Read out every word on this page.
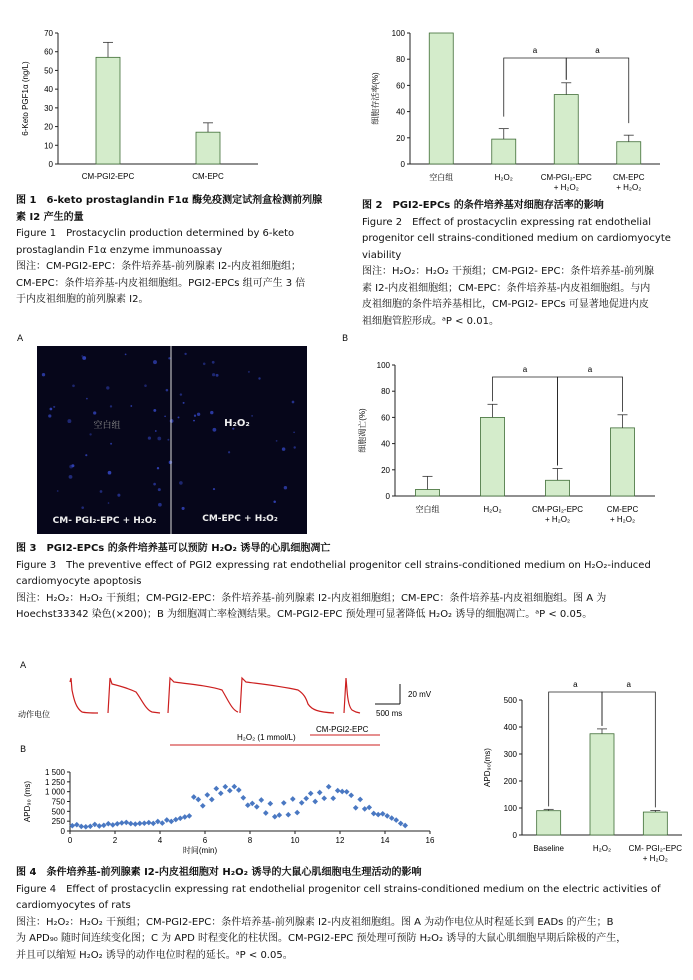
0
10
20
30
40
50
60
70
6-Keto PGF1α (ng/L)
CM-PGI2-EPC	CM-EPC
图 1　6-keto prostaglandin F1α 酶免疫测定试剂盒检测前列腺
素 I2 产生的量
Figure 1　Prostacyclin production determined by 6-keto
prostaglandin F1α enzyme immunoassay
图注：CM-PGI2-EPC：条件培养基-前列腺素 I2-内皮祖细胞组；
CM-EPC：条件培养基-内皮祖细胞组。PGI2-EPCs 组可产生 3 倍
于内皮祖细胞的前列腺素 I2。
0
20
40
60
80
100
细胞存活率(%)
空白组	H₂O₂	CM-PGI₂-EPC
+ H₂O₂
CM-EPC
+ H₂O₂
a	a
图 2　PGI2-EPCs 的条件培养基对细胞存活率的影响
Figure 2　Effect of prostacyclin expressing rat endothelial
progenitor cell strains-conditioned medium on cardiomyocyte
viability
图注：H₂O₂：H₂O₂ 干预组；CM-PGI2- EPC：条件培养基-前列腺
素 I2-内皮祖细胞组；CM-EPC：条件培养基-内皮祖细胞组。与内
皮祖细胞的条件培养基相比，CM-PGI2- EPCs 可显著地促进内皮
祖细胞管腔形成。ᵃP < 0.01。
A	B
空白组	H₂O₂
CM- PGI₂-EPC + H₂O₂	CM-EPC + H₂O₂
0
20
40
60
80
100
细胞凋亡(%)
空白组	H₂O₂	CM-PGI₂-EPC
+ H₂O₂
CM-EPC
+ H₂O₂
a	a
图 3　PGI2-EPCs 的条件培养基可以预防 H₂O₂ 诱导的心肌细胞凋亡
Figure 3　The preventive effect of PGI2 expressing rat endothelial progenitor cell strains-conditioned medium on H₂O₂-induced
cardiomyocyte apoptosis
图注：H₂O₂：H₂O₂ 干预组；CM-PGI2-EPC：条件培养基-前列腺素 I2-内皮祖细胞组；CM-EPC：条件培养基-内皮祖细胞组。图 A 为
Hoechst33342 染色(×200)；B 为细胞凋亡率检测结果。CM-PGI2-EPC 预处理可显著降低 H₂O₂ 诱导的细胞凋亡。ᵃP < 0.05。
A
B
动作电位
20 mV
500 ms
CM-PGI2-EPC
H₂O₂ (1 mmol/L)
0
250
500
750
1 000
1 250
1 500
0	2	4	6	8	10	12	14	16
APD₉₀ (ms)
时间(min)
0
100
200
300
400
500
APD₉₀(ms)
Baseline	H₂O₂ CM- PGI₂-EPC
+ H₂O₂
a	a
图 4　条件培养基-前列腺素 I2-内皮祖细胞对 H₂O₂ 诱导的大鼠心肌细胞电生理活动的影响
Figure 4　Effect of prostacyclin expressing rat endothelial progenitor cell strains-conditioned medium on the electric activities of
cardiomyocytes of rats
图注：H₂O₂：H₂O₂ 干预组；CM-PGI2-EPC：条件培养基-前列腺素 I2-内皮祖细胞组。图 A 为动作电位从时程延长到 EADs 的产生；B
为 APD₉₀ 随时间连续变化图；C 为 APD 时程变化的柱状图。CM-PGI2-EPC 预处理可预防 H₂O₂ 诱导的大鼠心肌细胞早期后除极的产生，
并且可以缩短 H₂O₂ 诱导的动作电位时程的延长。ᵃP < 0.05。
